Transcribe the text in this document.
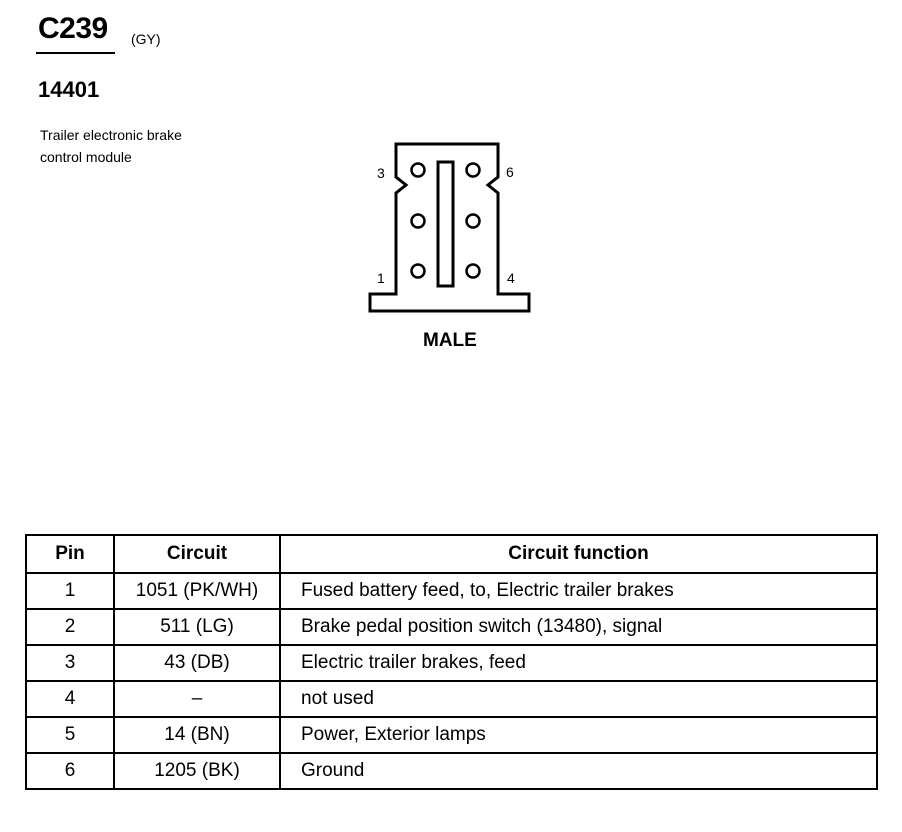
C239 (GY)
14401
Trailer electronic brake
control module
3	6
1	4
MALE
Pin	Circuit	Circuit function
1	1051 (PK/WH)	Fused battery feed, to, Electric trailer brakes
2	511 (LG)	Brake pedal position switch (13480), signal
3	43 (DB)	Electric trailer brakes, feed
4	–	not used
5	14 (BN)	Power, Exterior lamps
6	1205 (BK)	Ground
